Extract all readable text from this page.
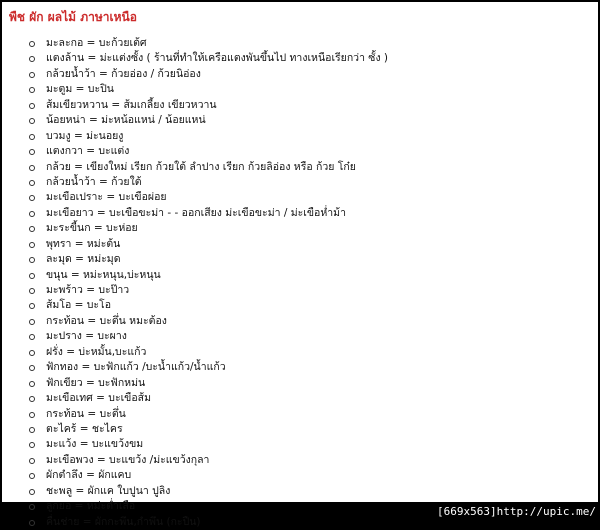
พืช ผัก ผลไม้ ภาษาเหนือ
มะละกอ = บะก้วยเต้ศ
แตงล้าน = ม่ะแต่งซั้ง ( ร้านที่ทำให้เครือแตงพันขึ้นไป ทางเหนือเรียกว่า ซั้ง )
กล้วยน้ำว้า = ก้วยอ่อง / ก้วยนิอ่อง
มะตูม = บะปิน
ส้มเขียวหวาน = ส้มเกลี้ยง เขียวหวาน
น้อยหน่า = ม่ะหน้อแหน่ / น้อยแหน่
บวมงู = ม่ะนอยงู
แตงกวา = บะแต่ง
กล้วย = เขียงใหม่ เรียก ก้วยใต้ ลำปาง เรียก ก้วยลิอ่อง หรือ ก้วย โก๋ย
กล้วยน้ำว้า = ก้วยใต้
มะเขือเปราะ = บะเขือผ่อย
มะเขือยาว = บะเขือขะม่า - - ออกเสียง ม่ะเขือขะม่า / ม่ะเขือห่ำม้า
มะระขี้นก = บะห่อย
พุทรา = หม่ะต้น
ละมุด = หม่ะมุด
ขนุน = หม่ะหนุน,บ่ะหนุน
มะพร้าว = บะป๊าว
ส้มโอ = บะโอ
กระท้อน = บะตึ่น หมะต้อง
มะปราง = บะผาง
ฝรั่ง = บ่ะหมั้น,บะแก้ว
ฟักทอง = บะฟักแก้ว /บะน้ำแก้ว/น้ำแก้ว
ฟักเขียว = บะฟักหม่น
มะเขือเทศ = บะเขือส้ม
กระท้อน = บะตึ่น
ตะไคร้ = ชะไคร
มะแว้ง = บะแขว้งขม
มะเขือพวง = บะแขว้ง /ม่ะแขว้งกุลา
ผักตำลึง = ผักแคบ
ชะพลู = ผักแค ใบปูนา ปูลิง
ลูกยอ = หม่ะต่ำเสือ
คื่นช่าย = ผักกะพึน,กำพึน (กะปืน)
[669x563]http://upic.me/
